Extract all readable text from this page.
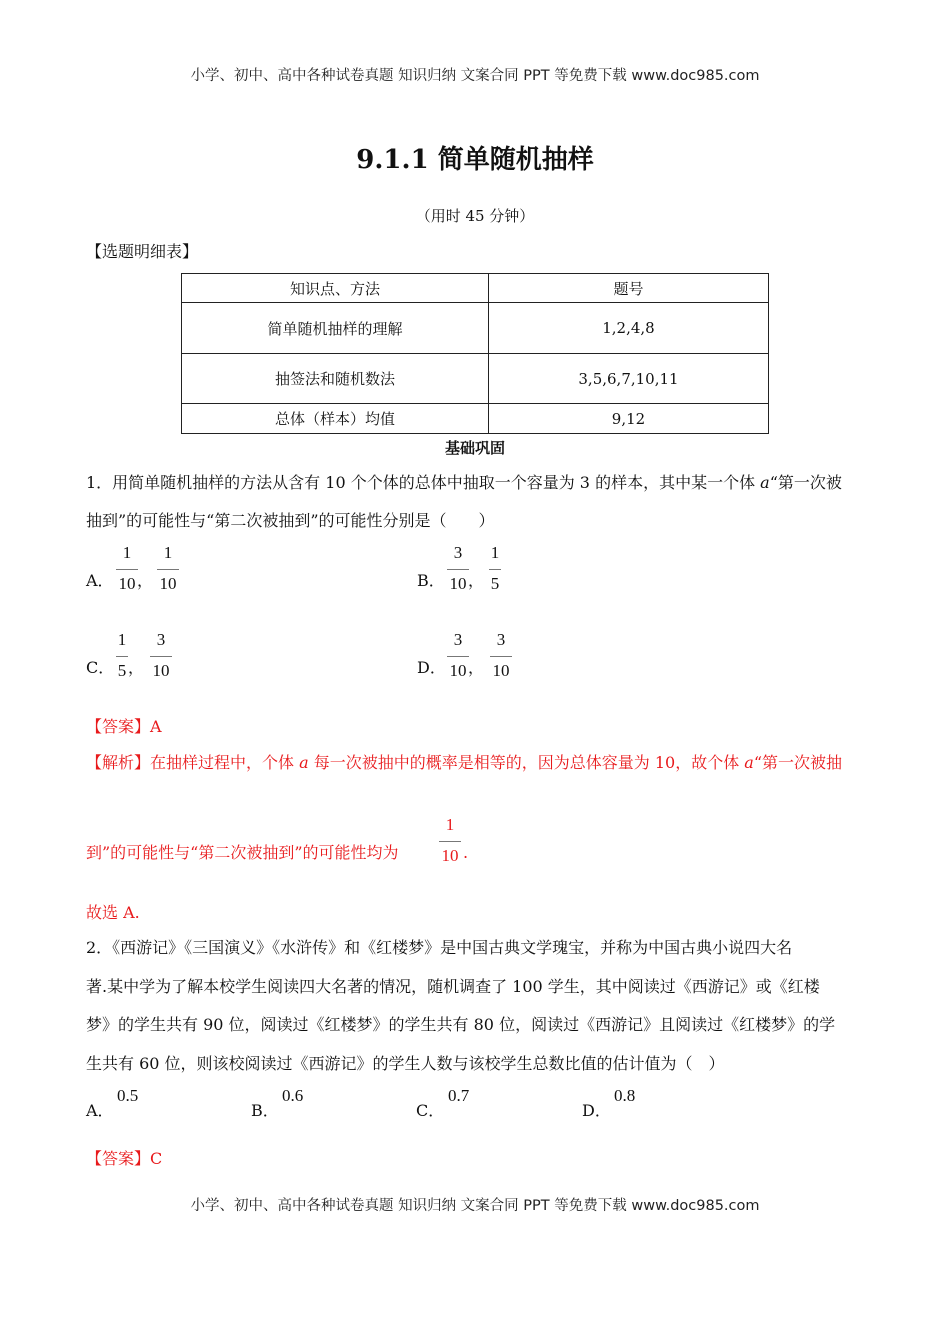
小学、初中、高中各种试卷真题 知识归纳 文案合同 PPT 等免费下载 www.doc985.com
9.1.1 简单随机抽样
（用时 45 分钟）
【选题明细表】
知识点、方法	题号
简单随机抽样的理解	1,2,4,8
抽签法和随机数法	3,5,6,7,10,11
总体（样本）均值	9,12
基础巩固
1．用简单随机抽样的方法从含有 10 个个体的总体中抽取一个容量为 3 的样本，其中某一个体 a“第一次被
抽到”的可能性与“第二次被抽到”的可能性分别是（　　）
A．
1
10 ，
1
10	B．
3
10 ，
1
5
C．
1
5 ，
3
10	D．
3
10 ，
3
10
【答案】A
【解析】在抽样过程中，个体 a 每一次被抽中的概率是相等的，因为总体容量为 10，故个体 a“第一次被抽
到”的可能性与“第二次被抽到”的可能性均为
1
10 .
故选 A.
2．《西游记》《三国演义》《水浒传》和《红楼梦》是中国古典文学瑰宝，并称为中国古典小说四大名
著.某中学为了解本校学生阅读四大名著的情况，随机调查了 100 学生，其中阅读过《西游记》或《红楼
梦》的学生共有 90 位，阅读过《红楼梦》的学生共有 80 位，阅读过《西游记》且阅读过《红楼梦》的学
生共有 60 位，则该校阅读过《西游记》的学生人数与该校学生总数比值的估计值为（　）
A．
0.5
B．
0.6
C．
0.7
D．
0.8
【答案】C
小学、初中、高中各种试卷真题 知识归纳 文案合同 PPT 等免费下载 www.doc985.com
